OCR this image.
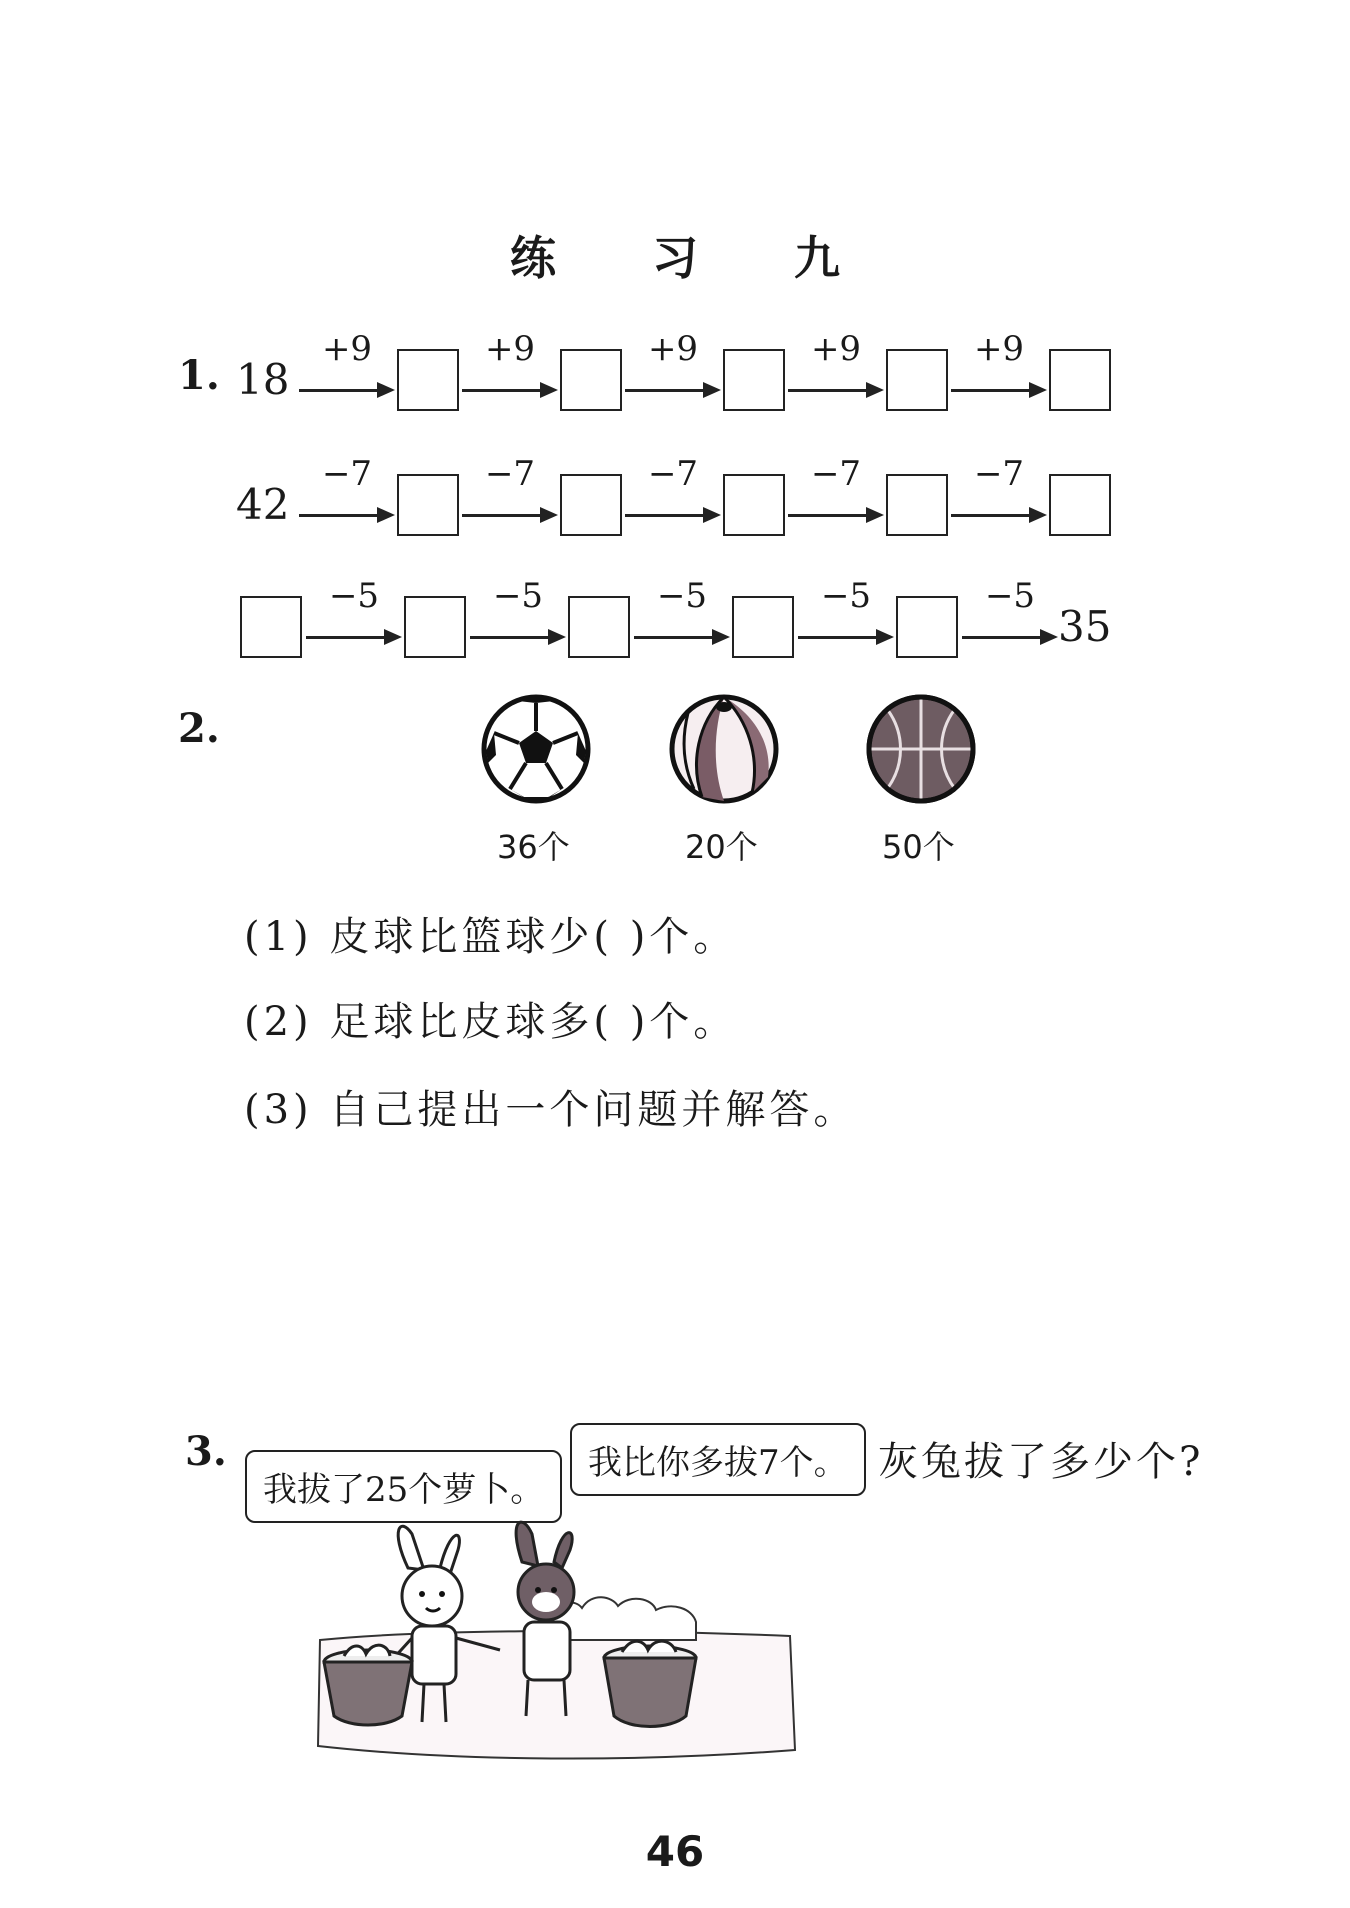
练 习 九
1. 18
+9	+9	+9	+9	+9
42
−7	−7	−7	−7	−7
−5	−5	−5	−5	−5
35
2.
36个	20个	50个
(1) 皮球比篮球少( )个。
(2) 足球比皮球多( )个。
(3) 自己提出一个问题并解答。
3.
我拔了25个萝卜。
我比你多拔7个。 灰兔拔了多少个?
46
